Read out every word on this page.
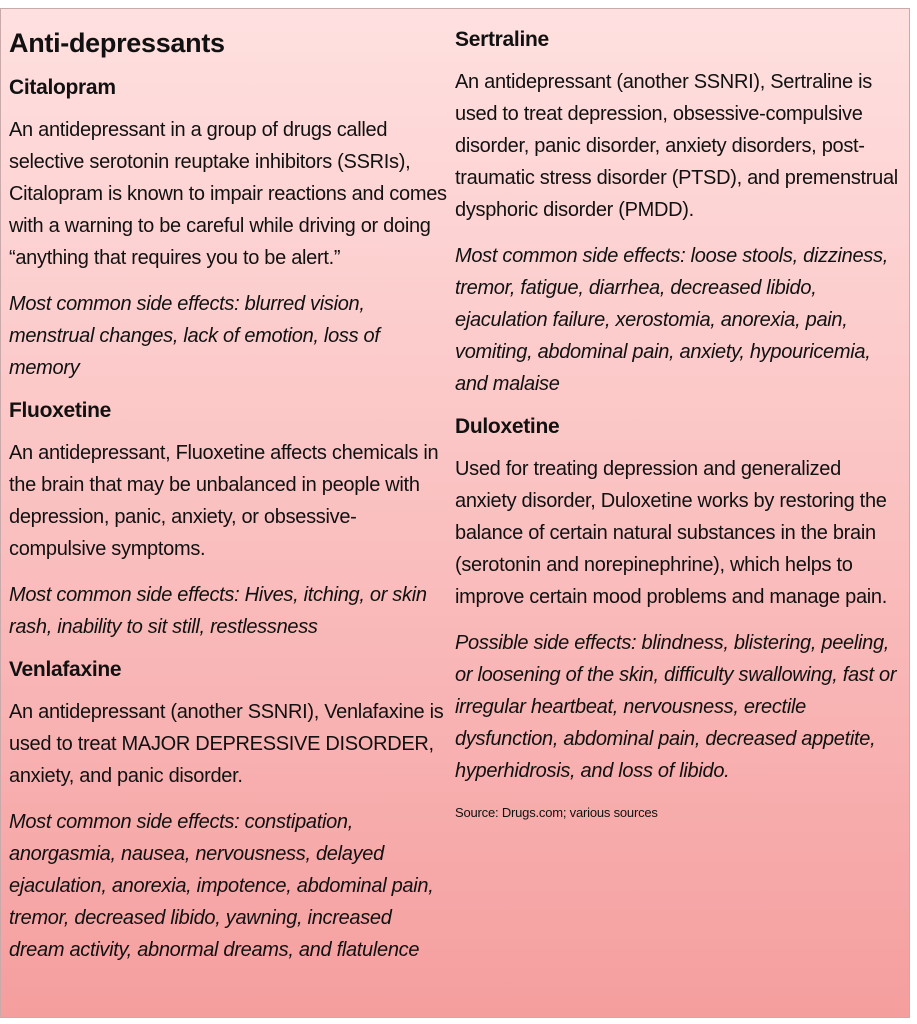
Anti-depressants
Citalopram
An antidepressant in a group of drugs called selective serotonin reuptake inhibitors (SSRIs), Citalopram is known to impair reactions and comes with a warning to be careful while driving or doing “anything that requires you to be alert.”
Most common side effects: blurred vision, menstrual changes, lack of emotion, loss of memory
Fluoxetine
An antidepressant, Fluoxetine affects chemicals in the brain that may be unbalanced in people with depression, panic, anxiety, or obsessive-compulsive symptoms.
Most common side effects: Hives, itching, or skin rash, inability to sit still, restlessness
Venlafaxine
An antidepressant (another SSNRI), Venlafaxine is used to treat MAJOR DEPRESSIVE DISORDER, anxiety, and panic disorder.
Most common side effects: constipation, anorgasmia, nausea, nervousness, delayed ejaculation, anorexia, impotence, abdominal pain, tremor, decreased libido, yawning, increased dream activity, abnormal dreams, and flatulence
Sertraline
An antidepressant (another SSNRI), Sertraline is used to treat depression, obsessive-compulsive disorder, panic disorder, anxiety disorders, post-traumatic stress disorder (PTSD), and premenstrual dysphoric disorder (PMDD).
Most common side effects: loose stools, dizziness, tremor, fatigue, diarrhea, decreased libido, ejaculation failure, xerostomia, anorexia, pain, vomiting, abdominal pain, anxiety, hypouricemia, and malaise
Duloxetine
Used for treating depression and generalized anxiety disorder, Duloxetine works by restoring the balance of certain natural substances in the brain (serotonin and norepinephrine), which helps to improve certain mood problems and manage pain.
Possible side effects: blindness, blistering, peeling, or loosening of the skin, difficulty swallowing, fast or irregular heartbeat, nervousness, erectile dysfunction, abdominal pain, decreased appetite, hyperhidrosis, and loss of libido.
Source: Drugs.com; various sources
